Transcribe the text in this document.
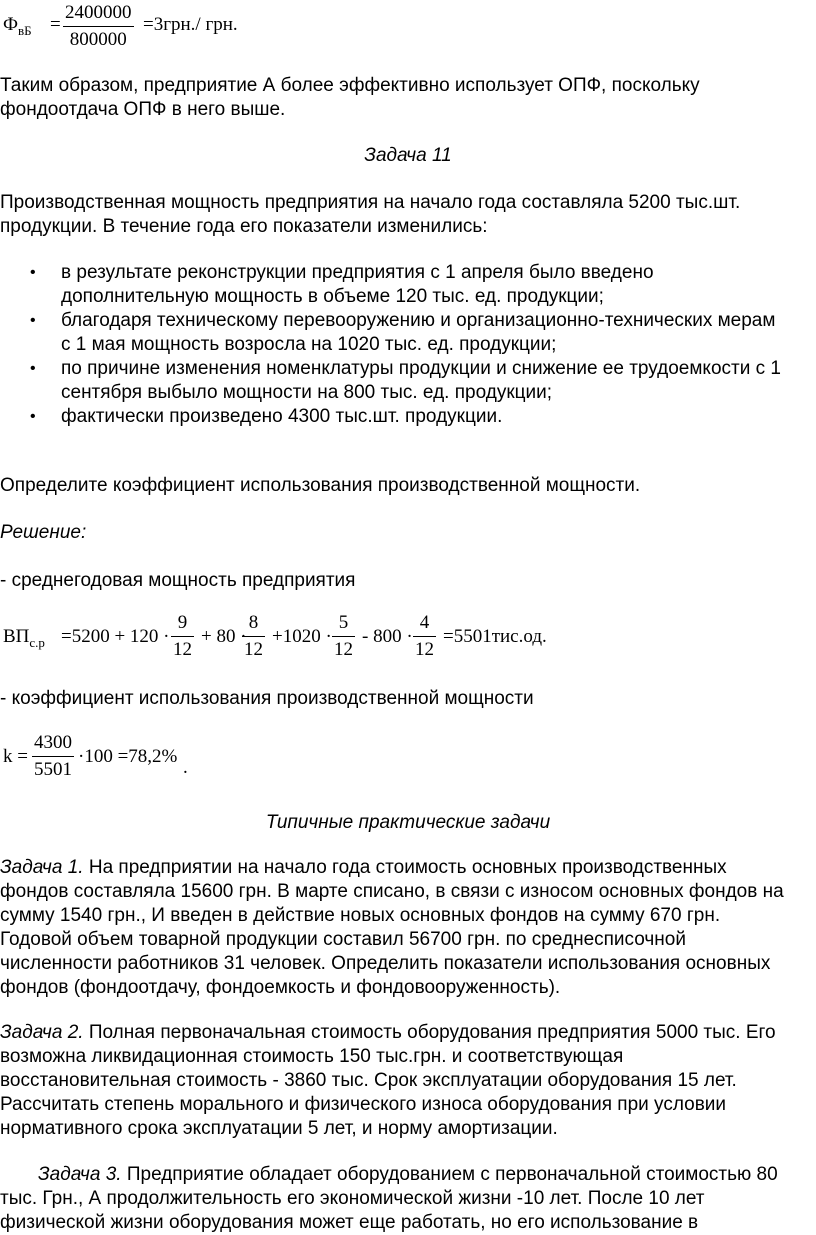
$Ф_{вБ}$ =
2400000
800000
=3грн./ грн.

Таким образом, предприятие А более эффективно использует ОПФ, поскольку фондоотдача ОПФ в него выше.

Задача 11

Производственная мощность предприятия на начало года составляла 5200 тыс.шт. продукции. В течение года его показатели изменились:

• в результате реконструкции предприятия с 1 апреля было введено дополнительную мощность в объеме 120 тыс. ед. продукции;
• благодаря техническому перевооружению и организационно-технических мерам с 1 мая мощность возросла на 1020 тыс. ед. продукции;
• по причине изменения номенклатуры продукции и снижение ее трудоемкости с 1 сентября выбыло мощности на 800 тыс. ед. продукции;
• фактически произведено 4300 тыс.шт. продукции.

Определите коэффициент использования производственной мощности.

Решение:

- среднегодовая мощность предприятия

$ВП_{с.р} =5200 + 120$ ·
9
12
+ 80 ·
8
12
+1020 ·
5
12
- 800 ·
4
12
=5501тис.од.

- коэффициент использования производственной мощности

k =
4300
5501
·100 =78,2%
.

Типичные практические задачи

Задача 1. На предприятии на начало года стоимость основных производственных фондов составляла 15600 грн. В марте списано, в связи с износом основных фондов на сумму 1540 грн., И введен в действие новых основных фондов на сумму 670 грн. Годовой объем товарной продукции составил 56700 грн. по среднесписочной численности работников 31 человек. Определить показатели использования основных фондов (фондоотдачу, фондоемкость и фондовооруженность).

Задача 2. Полная первоначальная стоимость оборудования предприятия 5000 тыс. Его возможна ликвидационная стоимость 150 тыс.грн. и соответствующая восстановительная стоимость - 3860 тыс. Срок эксплуатации оборудования 15 лет. Рассчитать степень морального и физического износа оборудования при условии нормативного срока эксплуатации 5 лет, и норму амортизации.

Задача 3. Предприятие обладает оборудованием с первоначальной стоимостью 80 тыс. Грн., А продолжительность его экономической жизни -10 лет. После 10 лет физической жизни оборудования может еще работать, но его использование в
